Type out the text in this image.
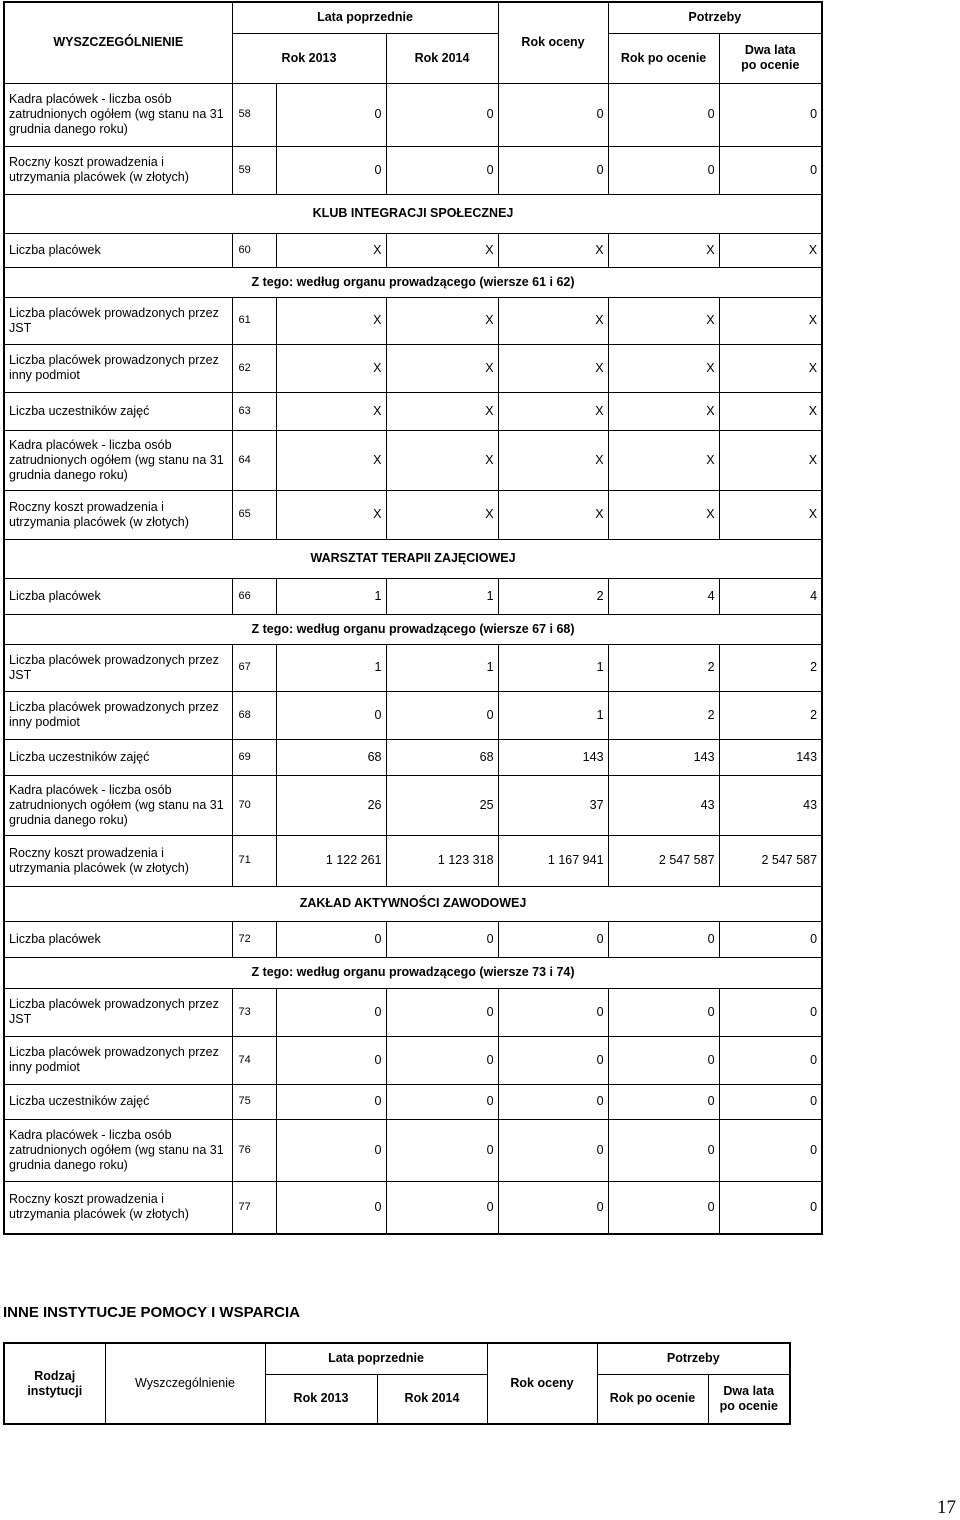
WYSZCZEGÓLNIENIE	Lata poprzednie			Rok oceny	Potrzeby	
	Rok 2013		Rok 2014		Rok po ocenie	Dwa lata
po ocenie
Kadra placówek - liczba osób zatrudnionych ogółem (wg stanu na 31 grudnia danego roku)	58	0	0	0	0	0
Roczny koszt prowadzenia i utrzymania placówek (w złotych)	59	0	0	0	0	0
KLUB INTEGRACJI SPOŁECZNEJ						
Liczba placówek	60	X	X	X	X	X
Z tego: według organu prowadzącego (wiersze 61 i 62)						
Liczba placówek prowadzonych przez JST	61	X	X	X	X	X
Liczba placówek prowadzonych przez inny podmiot	62	X	X	X	X	X
Liczba uczestników zajęć	63	X	X	X	X	X
Kadra placówek - liczba osób zatrudnionych ogółem (wg stanu na 31 grudnia danego roku)	64	X	X	X	X	X
Roczny koszt prowadzenia i utrzymania placówek (w złotych)	65	X	X	X	X	X
WARSZTAT TERAPII ZAJĘCIOWEJ						
Liczba placówek	66	1	1	2	4	4
Z tego: według organu prowadzącego (wiersze 67 i 68)						
Liczba placówek prowadzonych przez JST	67	1	1	1	2	2
Liczba placówek prowadzonych przez inny podmiot	68	0	0	1	2	2
Liczba uczestników zajęć	69	68	68	143	143	143
Kadra placówek - liczba osób zatrudnionych ogółem (wg stanu na 31 grudnia danego roku)	70	26	25	37	43	43
Roczny koszt prowadzenia i utrzymania placówek (w złotych)	71	1 122 261	1 123 318	1 167 941	2 547 587	2 547 587
ZAKŁAD AKTYWNOŚCI ZAWODOWEJ						
Liczba placówek	72	0	0	0	0	0
Z tego: według organu prowadzącego (wiersze 73 i 74)						
Liczba placówek prowadzonych przez JST	73	0	0	0	0	0
Liczba placówek prowadzonych przez inny podmiot	74	0	0	0	0	0
Liczba uczestników zajęć	75	0	0	0	0	0
Kadra placówek - liczba osób zatrudnionych ogółem (wg stanu na 31 grudnia danego roku)	76	0	0	0	0	0
Roczny koszt prowadzenia i utrzymania placówek (w złotych)	77	0	0	0	0	0
INNE INSTYTUCJE POMOCY I WSPARCIA
Rodzaj
instytucji	Wyszczególnienie	Lata poprzednie		Rok oceny	Potrzeby	
		Rok 2013	Rok 2014		Rok po ocenie	Dwa lata
po ocenie
17
